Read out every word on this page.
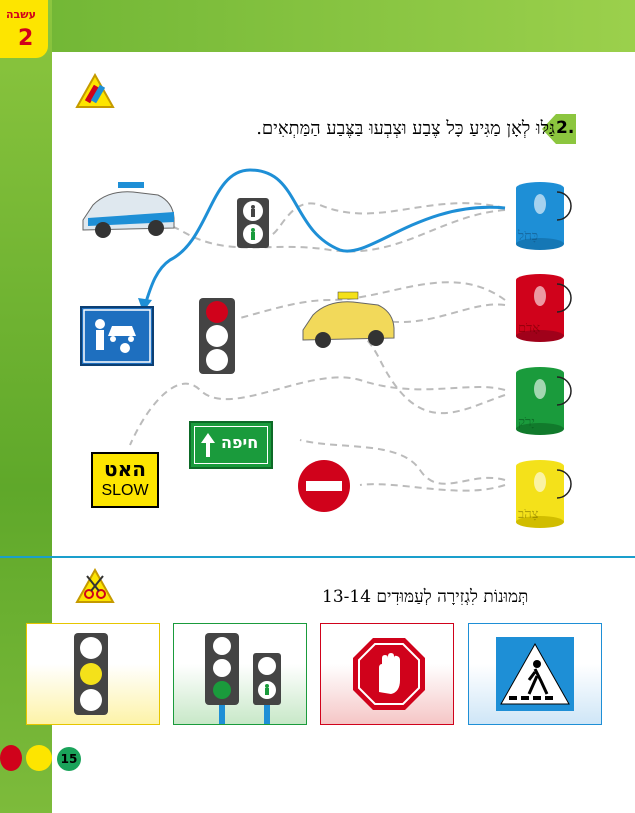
עשבה
2
2.
גַּלּוּ לְאָן מַגִּיעַ כָּל צֶבַע וּצְבְעוּ בַּצֶּבַע הַמַּתְאִים.
כָּחֹל
אָדֹם
יָרֹק
צָהֹב
חיפה
האט
SLOW
תְּמוּנוֹת לִגְזִירָה לְעַמּוּדִים 13-14
15
